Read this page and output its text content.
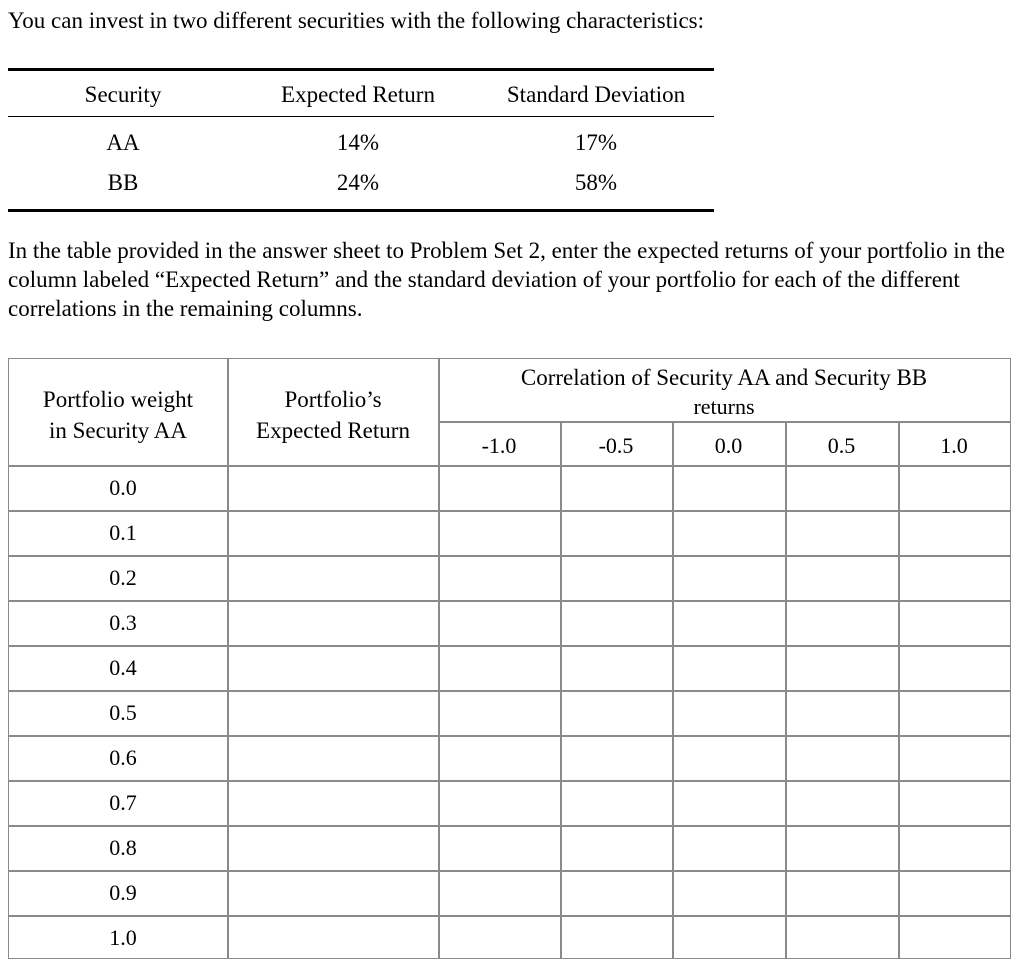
You can invest in two different securities with the following characteristics:
Security	Expected Return	Standard Deviation
AA	14%	17%
BB	24%	58%
In the table provided in the answer sheet to Problem Set 2, enter the expected returns of your portfolio in the column labeled “Expected Return” and the standard deviation of your portfolio for each of the different correlations in the remaining columns.
Portfolio weight
in Security AA
Portfolio’s
Expected Return
Correlation of Security AA and Security BB
returns
-1.0	-0.5	0.0	0.5	1.0
0.0
0.1
0.2
0.3
0.4
0.5
0.6
0.7
0.8
0.9
1.0
